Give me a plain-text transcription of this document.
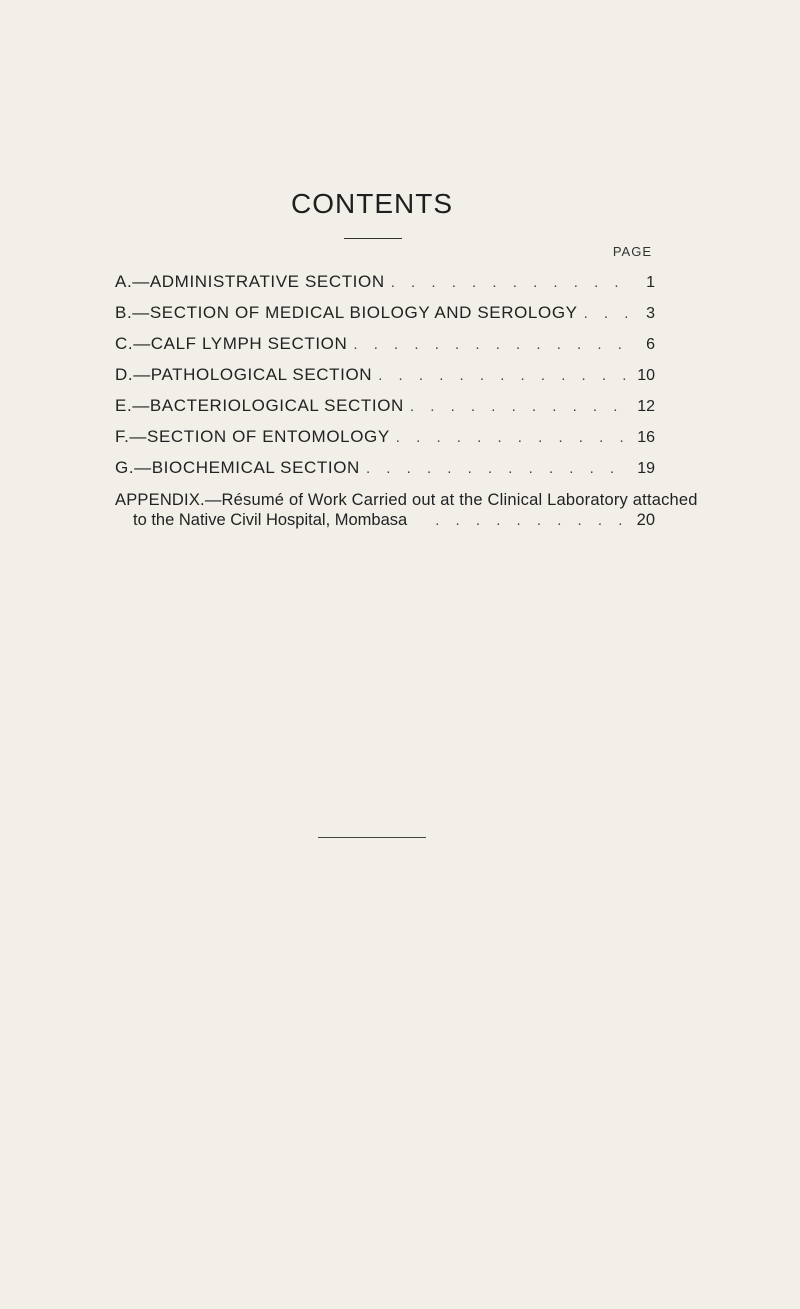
CONTENTS
PAGE
A.—ADMINISTRATIVE SECTION . . .	1
B.—SECTION OF MEDICAL BIOLOGY AND SEROLOGY . . .	3
C.—CALF LYMPH SECTION . . .	6
D.—PATHOLOGICAL SECTION . . .	10
E.—BACTERIOLOGICAL SECTION . . .	12
F.—SECTION OF ENTOMOLOGY . . .	16
G.—BIOCHEMICAL SECTION . . .	19
APPENDIX.—Résumé of Work Carried out at the Clinical Laboratory attached
to the Native Civil Hospital, Mombasa . . .	20
